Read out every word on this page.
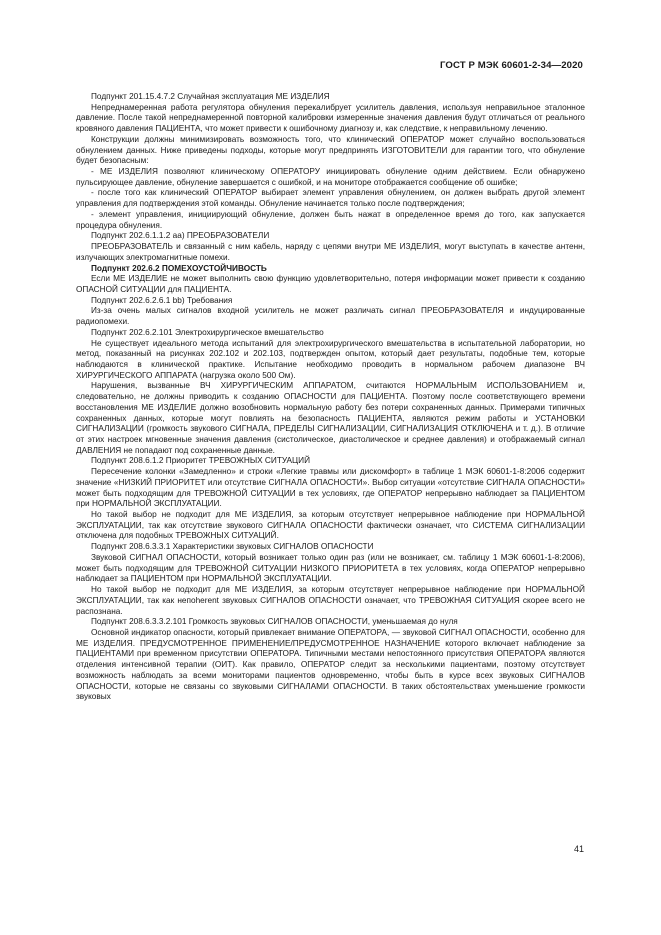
ГОСТ Р МЭК 60601-2-34—2020

Подпункт 201.15.4.7.2 Случайная эксплуатация МЕ ИЗДЕЛИЯ

Непреднамеренная работа регулятора обнуления перекалибрует усилитель давления, используя неправильное эталонное давление. После такой непреднамеренной повторной калибровки измеренные значения давления будут отличаться от реального кровяного давления ПАЦИЕНТА, что может привести к ошибочному диагнозу и, как следствие, к неправильному лечению.

Конструкции должны минимизировать возможность того, что клинический ОПЕРАТОР может случайно воспользоваться обнулением данных. Ниже приведены подходы, которые могут предпринять ИЗГОТОВИТЕЛИ для гарантии того, что обнуление будет безопасным:

- МЕ ИЗДЕЛИЯ позволяют клиническому ОПЕРАТОРУ инициировать обнуление одним действием. Если обнаружено пульсирующее давление, обнуление завершается с ошибкой, и на мониторе отображается сообщение об ошибке;

- после того как клинический ОПЕРАТОР выбирает элемент управления обнулением, он должен выбрать другой элемент управления для подтверждения этой команды. Обнуление начинается только после подтверждения;

- элемент управления, инициирующий обнуление, должен быть нажат в определенное время до того, как запускается процедура обнуления.

Подпункт 202.6.1.1.2 аа) ПРЕОБРАЗОВАТЕЛИ

ПРЕОБРАЗОВАТЕЛЬ и связанный с ним кабель, наряду с цепями внутри МЕ ИЗДЕЛИЯ, могут выступать в качестве антенн, излучающих электромагнитные помехи.

Подпункт 202.6.2 ПОМЕХОУСТОЙЧИВОСТЬ

Если МЕ ИЗДЕЛИЕ не может выполнить свою функцию удовлетворительно, потеря информации может привести к созданию ОПАСНОЙ СИТУАЦИИ для ПАЦИЕНТА.

Подпункт 202.6.2.6.1 bb) Требования

Из-за очень малых сигналов входной усилитель не может различать сигнал ПРЕОБРАЗОВАТЕЛЯ и индуцированные радиопомехи.

Подпункт 202.6.2.101 Электрохирургическое вмешательство

Не существует идеального метода испытаний для электрохирургического вмешательства в испытательной лаборатории, но метод, показанный на рисунках 202.102 и 202.103, подтвержден опытом, который дает результаты, подобные тем, которые наблюдаются в клинической практике. Испытание необходимо проводить в нормальном рабочем диапазоне ВЧ ХИРУРГИЧЕСКОГО АППАРАТА (нагрузка около 500 Ом).

Нарушения, вызванные ВЧ ХИРУРГИЧЕСКИМ АППАРАТОМ, считаются НОРМАЛЬНЫМ ИСПОЛЬЗОВАНИЕМ и, следовательно, не должны приводить к созданию ОПАСНОСТИ для ПАЦИЕНТА. Поэтому после соответствующего времени восстановления МЕ ИЗДЕЛИЕ должно возобновить нормальную работу без потери сохраненных данных. Примерами типичных сохраненных данных, которые могут повлиять на безопасность ПАЦИЕНТА, являются режим работы и УСТАНОВКИ СИГНАЛИЗАЦИИ (громкость звукового СИГНАЛА, ПРЕДЕЛЫ СИГНАЛИЗАЦИИ, СИГНАЛИЗАЦИЯ ОТКЛЮЧЕНА и т. д.). В отличие от этих настроек мгновенные значения давления (систолическое, диастолическое и среднее давления) и отображаемый сигнал ДАВЛЕНИЯ не попадают под сохраненные данные.

Подпункт 208.6.1.2 Приоритет ТРЕВОЖНЫХ СИТУАЦИЙ

Пересечение колонки «Замедленно» и строки «Легкие травмы или дискомфорт» в таблице 1 МЭК 60601-1-8:2006 содержит значение «НИЗКИЙ ПРИОРИТЕТ или отсутствие СИГНАЛА ОПАСНОСТИ». Выбор ситуации «отсутствие СИГНАЛА ОПАСНОСТИ» может быть подходящим для ТРЕВОЖНОЙ СИТУАЦИИ в тех условиях, где ОПЕРАТОР непрерывно наблюдает за ПАЦИЕНТОМ при НОРМАЛЬНОЙ ЭКСПЛУАТАЦИИ.

Но такой выбор не подходит для МЕ ИЗДЕЛИЯ, за которым отсутствует непрерывное наблюдение при НОРМАЛЬНОЙ ЭКСПЛУАТАЦИИ, так как отсутствие звукового СИГНАЛА ОПАСНОСТИ фактически означает, что СИСТЕМА СИГНАЛИЗАЦИИ отключена для подобных ТРЕВОЖНЫХ СИТУАЦИЙ.

Подпункт 208.6.3.3.1 Характеристики звуковых СИГНАЛОВ ОПАСНОСТИ

Звуковой СИГНАЛ ОПАСНОСТИ, который возникает только один раз (или не возникает, см. таблицу 1 МЭК 60601-1-8:2006), может быть подходящим для ТРЕВОЖНОЙ СИТУАЦИИ НИЗКОГО ПРИОРИТЕТА в тех условиях, когда ОПЕРАТОР непрерывно наблюдает за ПАЦИЕНТОМ при НОРМАЛЬНОЙ ЭКСПЛУАТАЦИИ.

Но такой выбор не подходит для МЕ ИЗДЕЛИЯ, за которым отсутствует непрерывное наблюдение при НОРМАЛЬНОЙ ЭКСПЛУАТАЦИИ, так как непоherent звуковых СИГНАЛОВ ОПАСНОСТИ означает, что ТРЕВОЖНАЯ СИТУАЦИЯ скорее всего не распознана.

Подпункт 208.6.3.3.2.101 Громкость звуковых СИГНАЛОВ ОПАСНОСТИ, уменьшаемая до нуля

Основной индикатор опасности, который привлекает внимание ОПЕРАТОРА, — звуковой СИГНАЛ ОПАСНОСТИ, особенно для МЕ ИЗДЕЛИЯ. ПРЕДУСМОТРЕННОЕ ПРИМЕНЕНИЕ/ПРЕДУСМОТРЕННОЕ НАЗНАЧЕНИЕ которого включает наблюдение за ПАЦИЕНТАМИ при временном присутствии ОПЕРАТОРА. Типичными местами непостоянного присутствия ОПЕРАТОРА являются отделения интенсивной терапии (ОИТ). Как правило, ОПЕРАТОР следит за несколькими пациентами, поэтому отсутствует возможность наблюдать за всеми мониторами пациентов одновременно, чтобы быть в курсе всех звуковых СИГНАЛОВ ОПАСНОСТИ, которые не связаны со звуковыми СИГНАЛАМИ ОПАСНОСТИ. В таких обстоятельствах уменьшение громкости звуковых

41
